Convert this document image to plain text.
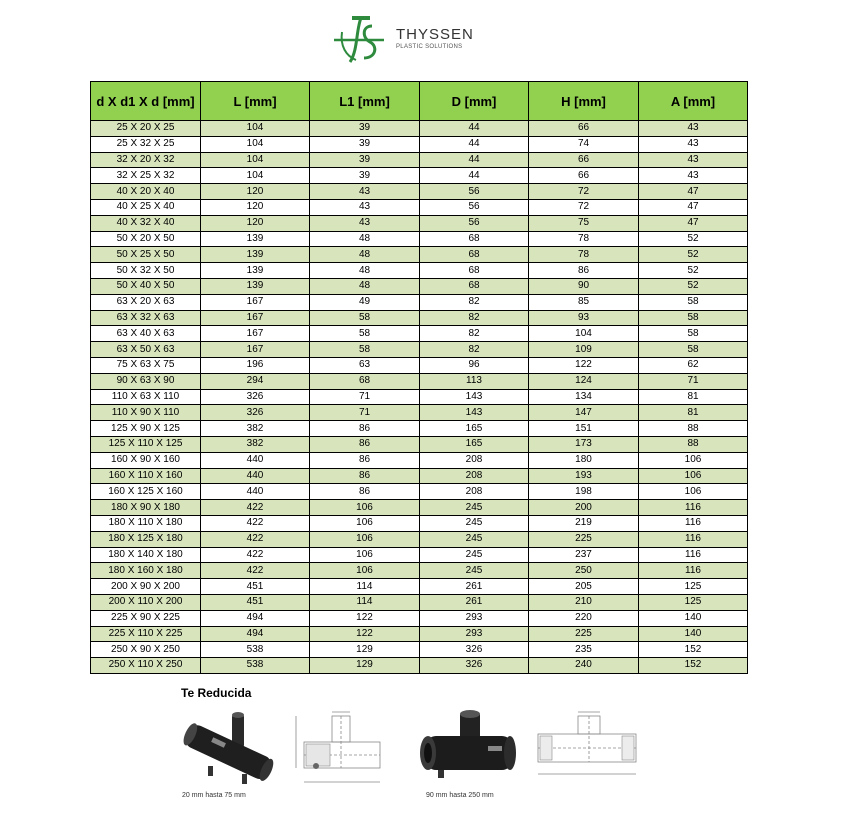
THYSSEN
PLASTIC SOLUTIONS
d X d1 X d [mm]	L [mm]	L1 [mm]	D [mm]	H [mm]	A [mm]
25 X 20 X 25	104	39	44	66	43
25 X 32 X 25	104	39	44	74	43
32 X 20 X 32	104	39	44	66	43
32 X 25 X 32	104	39	44	66	43
40 X 20 X 40	120	43	56	72	47
40 X 25 X 40	120	43	56	72	47
40 X 32 X 40	120	43	56	75	47
50 X 20 X 50	139	48	68	78	52
50 X 25 X 50	139	48	68	78	52
50 X 32 X 50	139	48	68	86	52
50 X 40 X 50	139	48	68	90	52
63 X 20 X 63	167	49	82	85	58
63 X 32 X 63	167	58	82	93	58
63 X 40 X 63	167	58	82	104	58
63 X 50 X 63	167	58	82	109	58
75 X 63 X 75	196	63	96	122	62
90 X 63 X 90	294	68	113	124	71
110 X 63 X 110	326	71	143	134	81
110 X 90 X 110	326	71	143	147	81
125 X 90 X 125	382	86	165	151	88
125 X 110 X 125	382	86	165	173	88
160 X 90 X 160	440	86	208	180	106
160 X 110 X 160	440	86	208	193	106
160 X 125 X 160	440	86	208	198	106
180 X 90 X 180	422	106	245	200	116
180 X 110 X 180	422	106	245	219	116
180 X 125 X 180	422	106	245	225	116
180 X 140 X 180	422	106	245	237	116
180 X 160 X 180	422	106	245	250	116
200 X 90 X 200	451	114	261	205	125
200 X 110 X 200	451	114	261	210	125
225 X 90 X 225	494	122	293	220	140
225 X 110 X 225	494	122	293	225	140
250 X 90 X 250	538	129	326	235	152
250 X 110 X 250	538	129	326	240	152
Te Reducida
20 mm hasta 75 mm	90 mm hasta 250 mm
